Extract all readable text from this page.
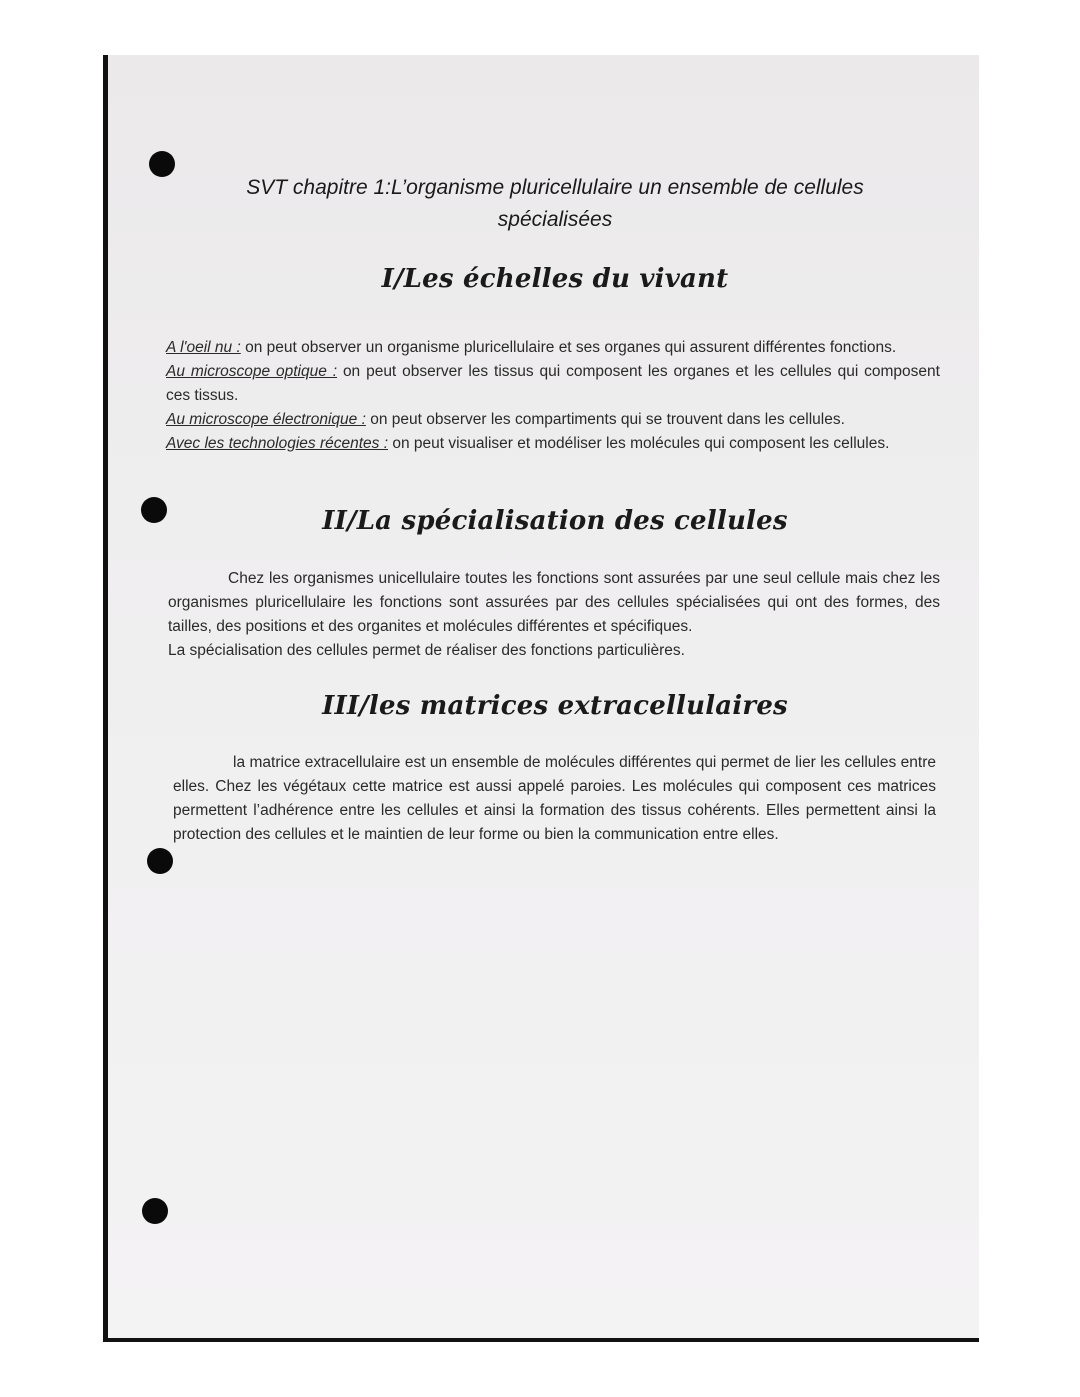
SVT chapitre 1:L’organisme pluricellulaire un ensemble de cellules spécialisées
I/Les échelles du vivant
A l'oeil nu : on peut observer un organisme pluricellulaire et ses organes qui assurent différentes fonctions.
Au microscope optique : on peut observer les tissus qui composent les organes et les cellules qui composent ces tissus.
Au microscope électronique : on peut observer les compartiments qui se trouvent dans les cellules.
Avec les technologies récentes : on peut visualiser et modéliser les molécules qui composent les cellules.
II/La spécialisation des cellules
Chez les organismes unicellulaire toutes les fonctions sont assurées par une seul cellule mais chez les organismes pluricellulaire les fonctions sont assurées par des cellules spécialisées qui ont des formes, des tailles, des positions et des organites et molécules différentes et spécifiques.
La spécialisation des cellules permet de réaliser des fonctions particulières.
III/les matrices extracellulaires
la matrice extracellulaire est un ensemble de molécules différentes qui permet de lier les cellules entre elles. Chez les végétaux cette matrice est aussi appelé paroies. Les molécules qui composent ces matrices permettent l’adhérence entre les cellules et ainsi la formation des tissus cohérents. Elles permettent ainsi la protection des cellules et le maintien de leur forme ou bien la communication entre elles.
